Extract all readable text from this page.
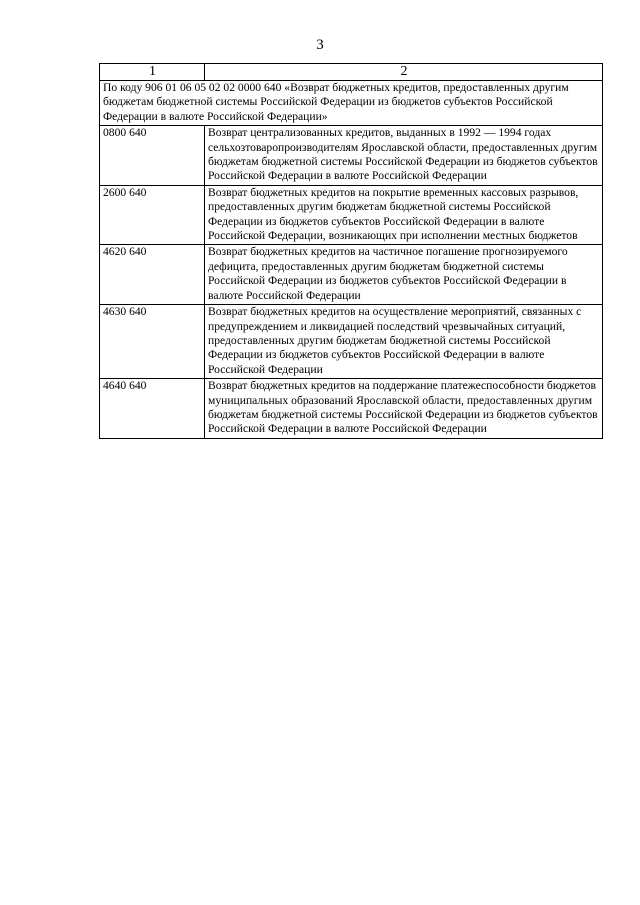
3
1	2
По коду 906 01 06 05 02 02 0000 640 «Возврат бюджетных кредитов, предоставленных другим бюджетам бюджетной системы Российской Федерации из бюджетов субъектов Российской Федерации в валюте Российской Федерации»	
0800 640	Возврат централизованных кредитов, выданных в 1992 — 1994 годах сельхозтоваропроизводителям Ярославской области, предоставленных другим бюджетам бюджетной системы Российской Федерации из бюджетов субъектов Российской Федерации в валюте Российской Федерации
2600 640	Возврат бюджетных кредитов на покрытие временных кассовых разрывов, предоставленных другим бюджетам бюджетной системы Российской Федерации из бюджетов субъектов Российской Федерации в валюте Российской Федерации, возникающих при исполнении местных бюджетов
4620 640	Возврат бюджетных кредитов на частичное погашение прогнозируемого дефицита, предоставленных другим бюджетам бюджетной системы Российской Федерации из бюджетов субъектов Российской Федерации в валюте Российской Федерации
4630 640	Возврат бюджетных кредитов на осуществление мероприятий, связанных с предупреждением и ликвидацией последствий чрезвычайных ситуаций, предоставленных другим бюджетам бюджетной системы Российской Федерации из бюджетов субъектов Российской Федерации в валюте Российской Федерации
4640 640	Возврат бюджетных кредитов на поддержание платежеспособности бюджетов муниципальных образований Ярославской области, предоставленных другим бюджетам бюджетной системы Российской Федерации из бюджетов субъектов Российской Федерации в валюте Российской Федерации
